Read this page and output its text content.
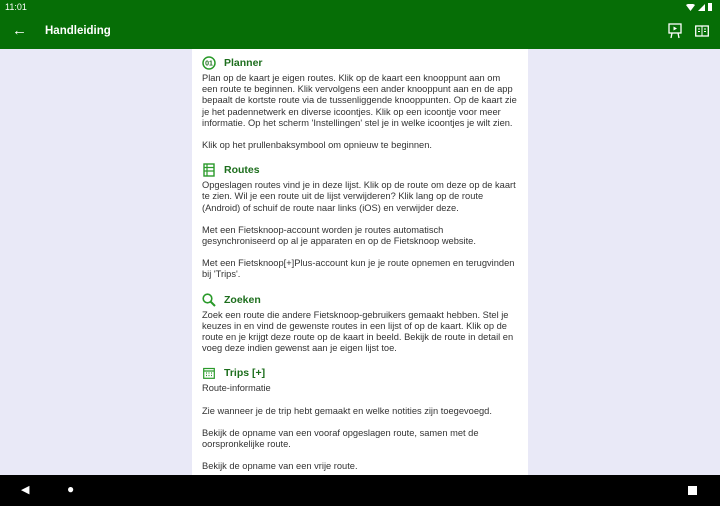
11:01
← Handleiding
01 Planner

Plan op de kaart je eigen routes. Klik op de kaart een knooppunt aan om een route te beginnen. Klik vervolgens een ander knooppunt aan en de app bepaalt de kortste route via de tussenliggende knooppunten. Op de kaart zie je het padennetwerk en diverse icoontjes. Klik op een icoontje voor meer informatie. Op het scherm 'Instellingen' stel je in welke icoontjes je wilt zien.

Klik op het prullenbaksymbool om opnieuw te beginnen.

Routes

Opgeslagen routes vind je in deze lijst. Klik op de route om deze op de kaart te zien. Wil je een route uit de lijst verwijderen? Klik lang op de route (Android) of schuif de route naar links (iOS) en verwijder deze.

Met een Fietsknoop-account worden je routes automatisch gesynchroniseerd op al je apparaten en op de Fietsknoop website.

Met een Fietsknoop[+]Plus-account kun je je route opnemen en terugvinden bij 'Trips'.

Zoeken

Zoek een route die andere Fietsknoop-gebruikers gemaakt hebben. Stel je keuzes in en vind de gewenste routes in een lijst of op de kaart. Klik op de route en je krijgt deze route op de kaart in beeld. Bekijk de route in detail en voeg deze indien gewenst aan je eigen lijst toe.

Trips [+]

Route-informatie

Zie wanneer je de trip hebt gemaakt en welke notities zijn toegevoegd.

Bekijk de opname van een vooraf opgeslagen route, samen met de oorspronkelijke route.

Bekijk de opname van een vrije route.

◀	●
